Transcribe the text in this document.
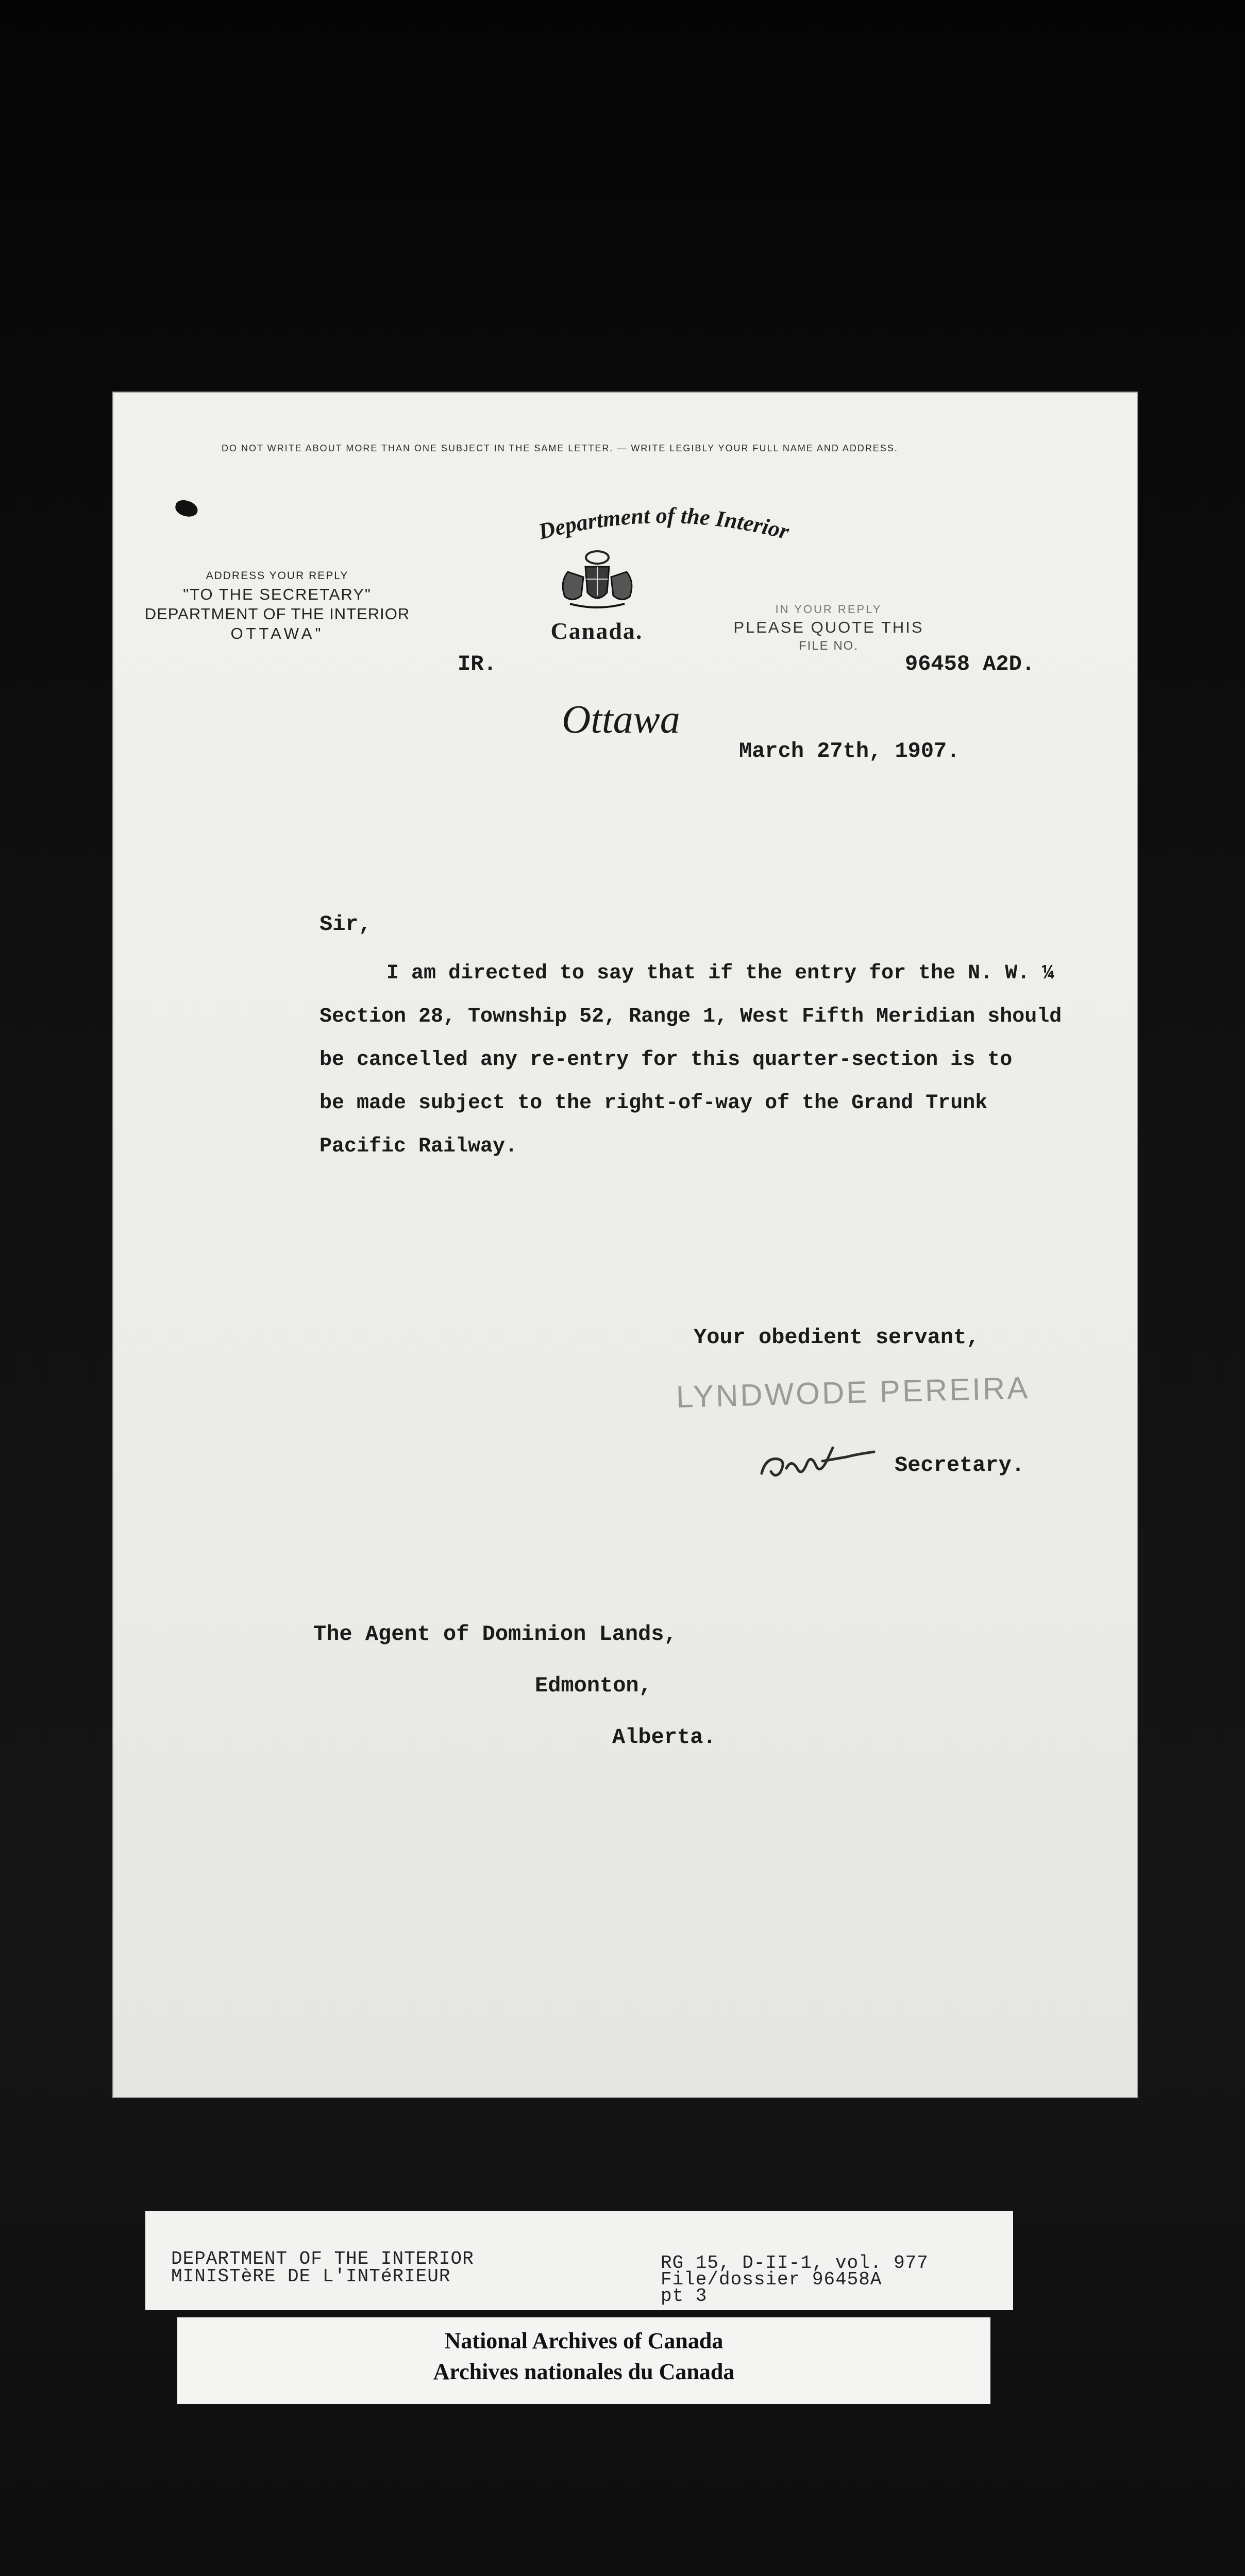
DO NOT WRITE ABOUT MORE THAN ONE SUBJECT IN THE SAME LETTER. — WRITE LEGIBLY YOUR FULL NAME AND ADDRESS.
ADDRESS YOUR REPLY
"TO THE SECRETARY"
DEPARTMENT OF THE INTERIOR
OTTAWA"
Department of the Interior
Canada.
IN YOUR REPLY
PLEASE QUOTE THIS
FILE NO.
IR.	96458 A2D.
Ottawa
March 27th, 1907.
Sir,
I am directed to say that if the entry for the N. W. ¼
Section 28, Township 52, Range 1, West Fifth Meridian should
be cancelled any re-entry for this quarter-section is to
be made subject to the right-of-way of the Grand Trunk
Pacific Railway.
Your obedient servant,
LYNDWODE PEREIRA
Secretary.
The Agent of Dominion Lands,
Edmonton,
Alberta.
DEPARTMENT OF THE INTERIOR
MINISTèRE DE L'INTéRIEUR
RG 15, D-II-1, vol. 977
File/dossier 96458A
pt 3
National Archives of Canada
Archives nationales du Canada
